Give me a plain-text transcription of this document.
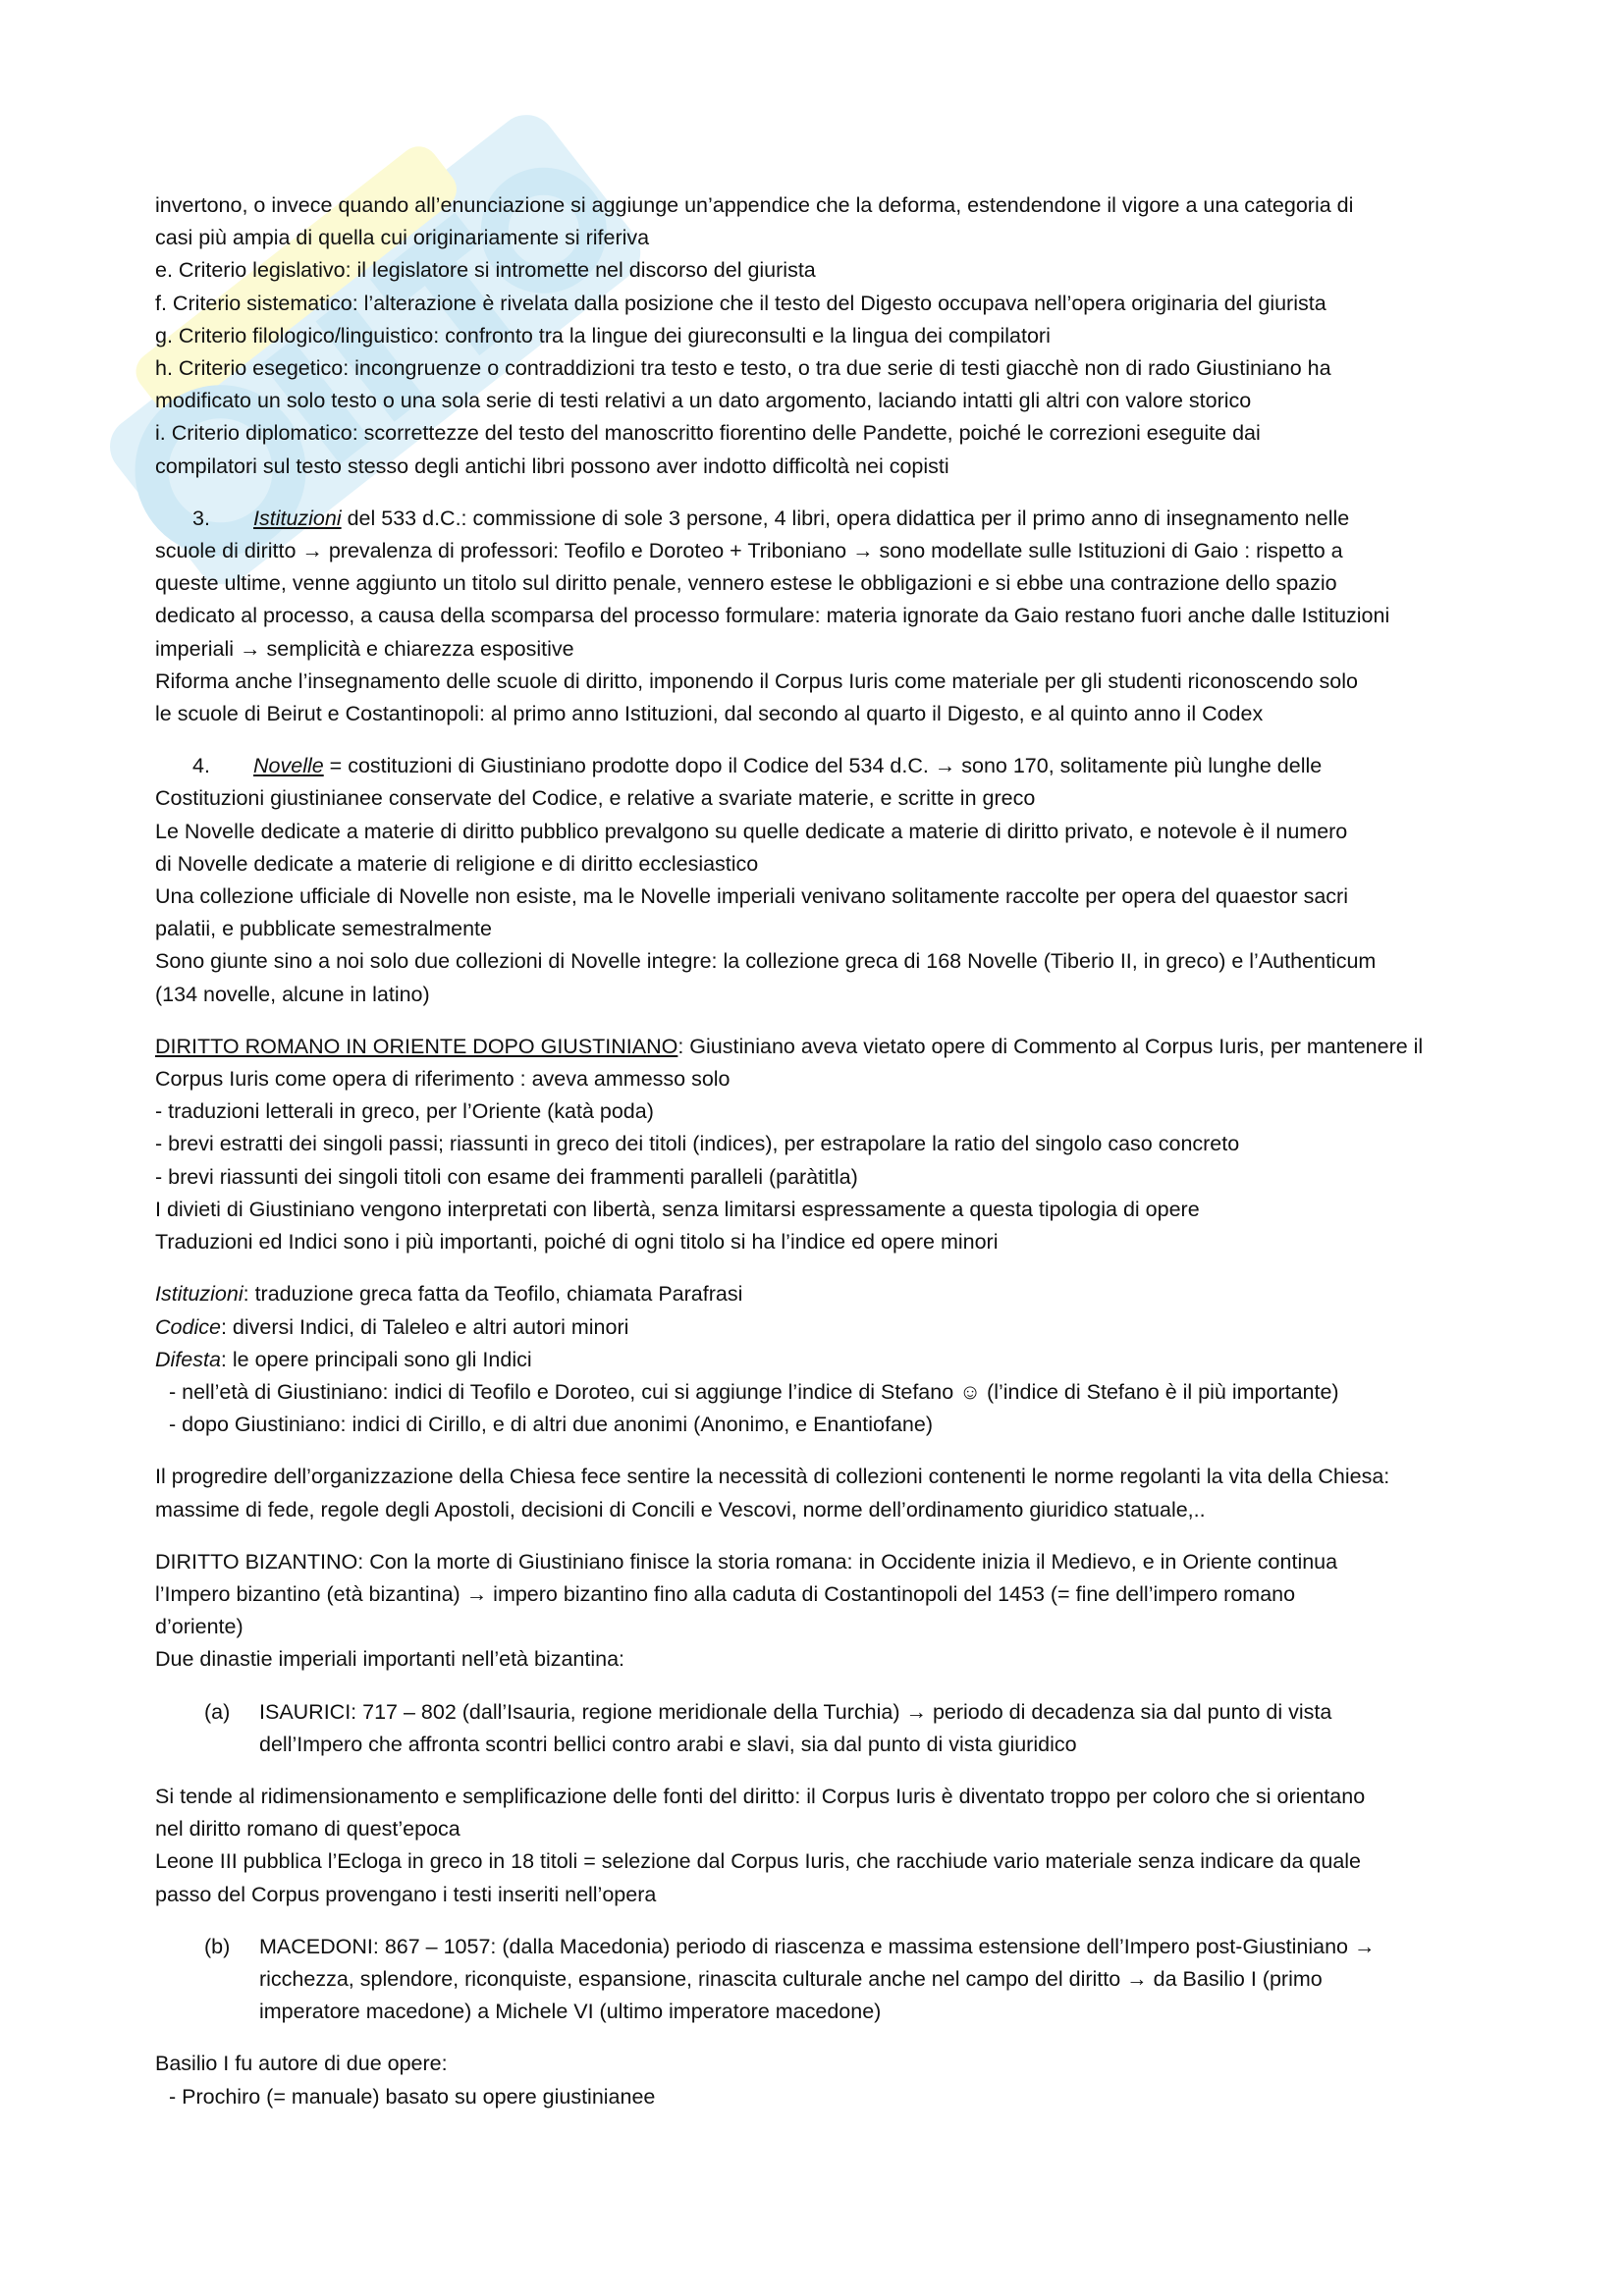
invertono, o invece quando all’enunciazione si aggiunge un’appendice che la deforma, estendendone il vigore a una categoria di

casi più ampia di quella cui originariamente si riferiva

e. Criterio legislativo: il legislatore si intromette nel discorso del giurista

f. Criterio sistematico: l’alterazione è rivelata dalla posizione che il testo del Digesto occupava nell’opera originaria del giurista

g. Criterio filologico/linguistico: confronto tra la lingue dei giureconsulti e la lingua dei compilatori

h. Criterio esegetico: incongruenze o contraddizioni tra testo e testo, o tra due serie di testi giacchè non di rado Giustiniano ha

modificato un solo testo o una sola serie di testi relativi a un dato argomento, laciando intatti gli altri con valore storico

i. Criterio diplomatico: scorrettezze del testo del manoscritto fiorentino delle Pandette, poiché le correzioni eseguite dai

compilatori sul testo stesso degli antichi libri possono aver indotto difficoltà nei copisti

3. Istituzioni del 533 d.C.: commissione di sole 3 persone, 4 libri, opera didattica per il primo anno di insegnamento nelle

scuole di diritto → prevalenza di professori: Teofilo e Doroteo + Triboniano → sono modellate sulle Istituzioni di Gaio : rispetto a

queste ultime, venne aggiunto un titolo sul diritto penale, vennero estese le obbligazioni e si ebbe una contrazione dello spazio

dedicato al processo, a causa della scomparsa del processo formulare: materia ignorate da Gaio restano fuori anche dalle Istituzioni

imperiali → semplicità e chiarezza espositive

Riforma anche l’insegnamento delle scuole di diritto, imponendo il Corpus Iuris come materiale per gli studenti riconoscendo solo

le scuole di Beirut e Costantinopoli: al primo anno Istituzioni, dal secondo al quarto il Digesto, e al quinto anno il Codex

4. Novelle = costituzioni di Giustiniano prodotte dopo il Codice del 534 d.C. → sono 170, solitamente più lunghe delle

Costituzioni giustinianee conservate del Codice, e relative a svariate materie, e scritte in greco

Le Novelle dedicate a materie di diritto pubblico prevalgono su quelle dedicate a materie di diritto privato, e notevole è il numero

di Novelle dedicate a materie di religione e di diritto ecclesiastico

Una collezione ufficiale di Novelle non esiste, ma le Novelle imperiali venivano solitamente raccolte per opera del quaestor sacri

palatii, e pubblicate semestralmente

Sono giunte sino a noi solo due collezioni di Novelle integre: la collezione greca di 168 Novelle (Tiberio II, in greco) e l’Authenticum

(134 novelle, alcune in latino)

DIRITTO ROMANO IN ORIENTE DOPO GIUSTINIANO: Giustiniano aveva vietato opere di Commento al Corpus Iuris, per mantenere il

Corpus Iuris come opera di riferimento : aveva ammesso solo

- traduzioni letterali in greco, per l’Oriente (katà poda)

- brevi estratti dei singoli passi; riassunti in greco dei titoli (indices), per estrapolare la ratio del singolo caso concreto

- brevi riassunti dei singoli titoli con esame dei frammenti paralleli (paràtitla)

I divieti di Giustiniano vengono interpretati con libertà, senza limitarsi espressamente a questa tipologia di opere

Traduzioni ed Indici sono i più importanti, poiché di ogni titolo si ha l’indice ed opere minori

Istituzioni: traduzione greca fatta da Teofilo, chiamata Parafrasi

Codice: diversi Indici, di Taleleo e altri autori minori

Difesta: le opere principali sono gli Indici

- nell’età di Giustiniano: indici di Teofilo e Doroteo, cui si aggiunge l’indice di Stefano ☺ (l’indice di Stefano è il più importante)

- dopo Giustiniano: indici di Cirillo, e di altri due anonimi (Anonimo, e Enantiofane)

Il progredire dell’organizzazione della Chiesa fece sentire la necessità di collezioni contenenti le norme regolanti la vita della Chiesa:

massime di fede, regole degli Apostoli, decisioni di Concili e Vescovi, norme dell’ordinamento giuridico statuale,..

DIRITTO BIZANTINO: Con la morte di Giustiniano finisce la storia romana: in Occidente inizia il Medievo, e in Oriente continua

l’Impero bizantino (età bizantina) → impero bizantino fino alla caduta di Costantinopoli del 1453 (= fine dell’impero romano

d’oriente)

Due dinastie imperiali importanti nell’età bizantina:

(a)	ISAURICI: 717 – 802 (dall’Isauria, regione meridionale della Turchia) → periodo di decadenza sia dal punto di vista

dell’Impero che affronta scontri bellici contro arabi e slavi, sia dal punto di vista giuridico

Si tende al ridimensionamento e semplificazione delle fonti del diritto: il Corpus Iuris è diventato troppo per coloro che si orientano

nel diritto romano di quest’epoca

Leone III pubblica l’Ecloga in greco in 18 titoli = selezione dal Corpus Iuris, che racchiude vario materiale senza indicare da quale

passo del Corpus provengano i testi inseriti nell’opera

(b)	MACEDONI: 867 – 1057: (dalla Macedonia) periodo di riascenza e massima estensione dell’Impero post-Giustiniano →

ricchezza, splendore, riconquiste, espansione, rinascita culturale anche nel campo del diritto → da Basilio I (primo

imperatore macedone) a Michele VI (ultimo imperatore macedone)

Basilio I fu autore di due opere:

- Prochiro (= manuale) basato su opere giustinianee
